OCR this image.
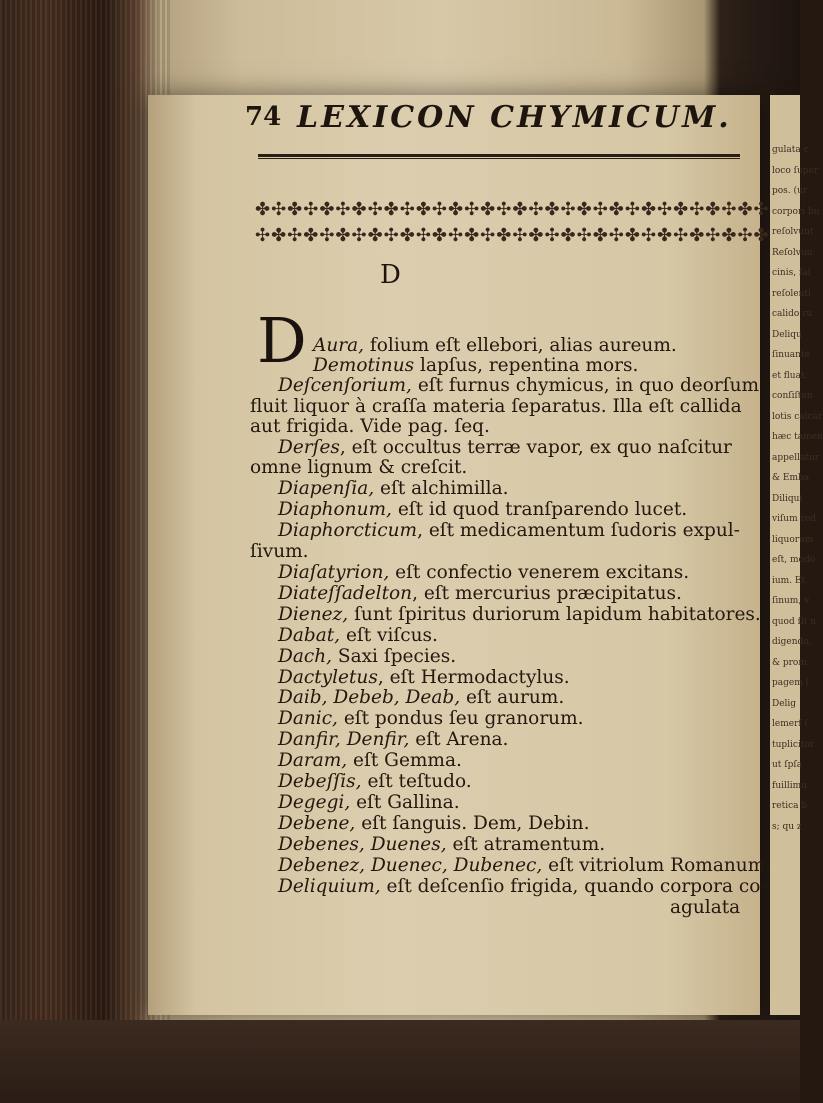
gulata c
loco ſuper
pos. (ur
corpori bu
reſolvunt
Reſolvun
cinis, ſal
reſolenti
calido ru
Deliqu
ſinuante
et fluat,
conſiſten
lotis calcar
hæc tamen
appellatur
& Emba
Diliqui
viſum red
liquorum
eſt, modo
ium. Et
ſinum, v
quod ſit n
digendo,
& prom
pagem (
Delig
lemerſ (
tuplicitor
ut ſpſa
fuillimu
retica b
s; qu z
74 LEXICON CHYMICUM.
✤✣✤✣✤✣✤✣✤✣✤✣✤✣✤✣✤✣✤✣✤✣✤✣✤✣✤✣✤✣✤✣
✣✤✣✤✣✤✣✤✣✤✣✤✣✤✣✤✣✤✣✤✣✤✣✤✣✤✣✤✣✤✣✤
D
D Aura, folium eſt ellebori, alias aureum.
Demotinus lapſus, repentina mors.
Deſcenſorium, eſt furnus chymicus, in quo deorſum
fluit liquor à craſſa materia ſeparatus. Illa eſt callida
aut frigida. Vide pag. ſeq.
Derſes, eſt occultus terræ vapor, ex quo naſcitur
omne lignum & creſcit.
Diapenſia, eſt alchimilla.
Diaphonum, eſt id quod tranſparendo lucet.
Diaphorcticum, eſt medicamentum ſudoris expul-
ſivum.
Diaſatyrion, eſt confectio venerem excitans.
Diateſſadelton, eſt mercurius præcipitatus.
Dienez, ſunt ſpiritus duriorum lapidum habitatores.
Dabat, eſt viſcus.
Dach, Saxi ſpecies.
Dactyletus, eſt Hermodactylus.
Daib, Debeb, Deab, eſt aurum.
Danic, eſt pondus ſeu granorum.
Danfir, Denfir, eſt Arena.
Daram, eſt Gemma.
Debeſſis, eſt teſtudo.
Degegi, eſt Gallina.
Debene, eſt ſanguis. Dem, Debin.
Debenes, Duenes, eſt atramentum.
Debenez, Duenec, Dubenec, eſt vitriolum Romanum.
Deliquium, eſt deſcenſio frigida, quando corpora co-
agulata
